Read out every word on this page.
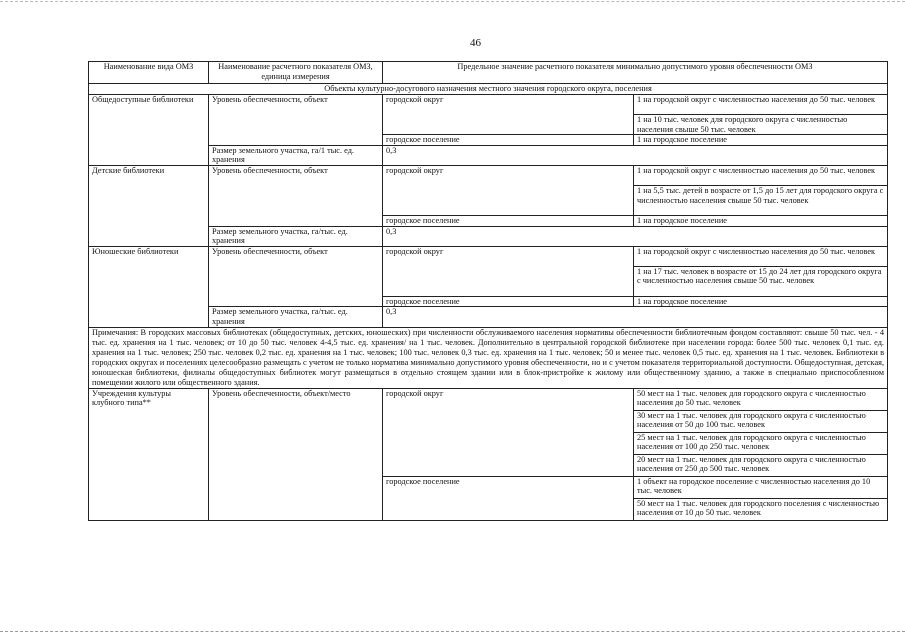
46
Наименование вида ОМЗ	Наименование расчетного показателя ОМЗ, единица измерения	Предельное значение расчетного показателя минимально допустимого уровня обеспеченности ОМЗ	
Объекты культурно-досугового назначения местного значения городского округа, поселения			
Общедоступные библиотеки	Уровень обеспеченности, объект	городской округ	1 на городской округ с численностью населения до 50 тыс. человек
			1 на 10 тыс. человек для городского округа с численностью населения свыше 50 тыс. человек
		городское поселение	1 на городское поселение
	Размер земельного участка, га/1 тыс. ед. хранения	0,3	
Детские библиотеки	Уровень обеспеченности, объект	городской округ	1 на городской округ с численностью населения до 50 тыс. человек
			1 на 5,5 тыс. детей в возрасте от 1,5 до 15 лет для городского округа с численностью населения свыше 50 тыс. человек
		городское поселение	1 на городское поселение
	Размер земельного участка, га/тыс. ед. хранения	0,3	
Юношеские библиотеки	Уровень обеспеченности, объект	городской округ	1 на городской округ с численностью населения до 50 тыс. человек
			1 на 17 тыс. человек в возрасте от 15 до 24 лет для городского округа с численностью населения свыше 50 тыс. человек
		городское поселение	1 на городское поселение
	Размер земельного участка, га/тыс. ед. хранения	0,3	
Примечания: В городских массовых библиотеках (общедоступных, детских, юношеских) при численности обслуживаемого населения нормативы обеспеченности библиотечным фондом составляют: свыше 50 тыс. чел. - 4 тыс. ед. хранения на 1 тыс. человек; от 10 до 50 тыс. человек 4-4,5 тыс. ед. хранения/ на 1 тыс. человек. Дополнительно в центральной городской библиотеке при населении города: более 500 тыс. человек 0,1 тыс. ед. хранения на 1 тыс. человек; 250 тыс. человек 0,2 тыс. ед. хранения на 1 тыс. человек; 100 тыс. человек 0,3 тыс. ед. хранения на 1 тыс. человек; 50 и менее тыс. человек 0,5 тыс. ед. хранения на 1 тыс. человек. Библиотеки в городских округах и поселениях целесообразно размещать с учетом не только норматива минимально допустимого уровня обеспеченности, но и с учетом показателя территориальной доступности. Общедоступная, детская, юношеская библиотеки, филиалы общедоступных библиотек могут размещаться в отдельно стоящем здании или в блок-пристройке к жилому или общественному зданию, а также в специально приспособленном помещении жилого или общественного здания.			
Учреждения культуры клубного типа**	Уровень обеспеченности, объект/место	городской округ	50 мест на 1 тыс. человек для городского округа с численностью населения до 50 тыс. человек
			30 мест на 1 тыс. человек для городского округа с численностью населения от 50 до 100 тыс. человек
			25 мест на 1 тыс. человек для городского округа с численностью населения от 100 до 250 тыс. человек
			20 мест на 1 тыс. человек для городского округа с численностью населения от 250 до 500 тыс. человек
		городское поселение	1 объект на городское поселение с численностью населения до 10 тыс. человек
			50 мест на 1 тыс. человек для городского поселения с численностью населения от 10 до 50 тыс. человек
